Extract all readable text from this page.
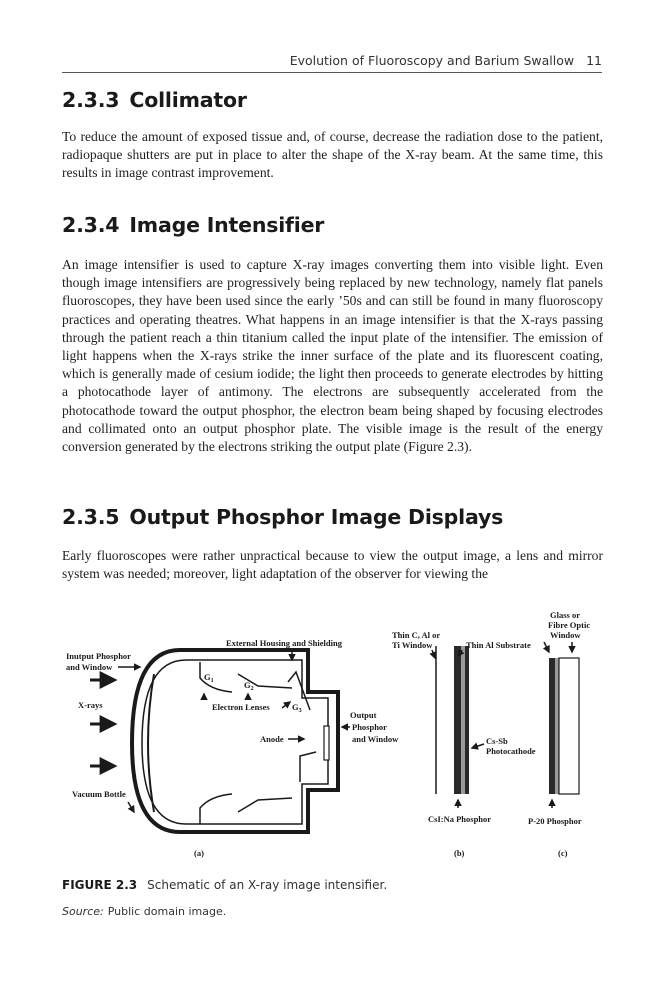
Evolution of Fluoroscopy and Barium Swallow 11
2.3.3 Collimator

To reduce the amount of exposed tissue and, of course, decrease the radiation dose to the patient, radiopaque shutters are put in place to alter the shape of the X-ray beam. At the same time, this results in image contrast improvement.

2.3.4 Image Intensifier

An image intensifier is used to capture X-ray images converting them into visible light. Even though image intensifiers are progressively being replaced by new technology, namely flat panels fluoroscopes, they have been used since the early ’50s and can still be found in many fluoroscopy practices and operating theatres. What happens in an image intensifier is that the X-rays passing through the patient reach a thin titanium called the input plate of the intensifier. The emission of light happens when the X-rays strike the inner surface of the plate and its fluorescent coating, which is generally made of cesium iodide; the light then proceeds to generate electrodes by hitting a photocathode layer of antimony. The electrons are subsequently accelerated from the photocathode toward the output phosphor, the electron beam being shaped by focusing electrodes and collimated onto an output phosphor plate. The visible image is the result of the energy conversion generated by the electrons striking the output plate (Figure 2.3).

2.3.5 Output Phosphor Image Displays

Early fluoroscopes were rather unpractical because to view the output image, a lens and mirror system was needed; moreover, light adaptation of the observer for viewing the

Inutput Phosphor
and Window
X-rays
Vacuum Bottle
External Housing and Shielding
$G_1$	$G_2$
$G_3$
Electron Lenses
Anode
Output
Phosphor
and Window
Thin C, Al or
Ti Window	Thin Al Substrate
Cs-Sb
Photocathode
CsI:Na Phosphor
Glass or
Fibre Optic
Window
P-20 Phosphor
(a)	(b)	(c)
FIGURE 2.3 Schematic of an X-ray image intensifier.
Source: Public domain image.
